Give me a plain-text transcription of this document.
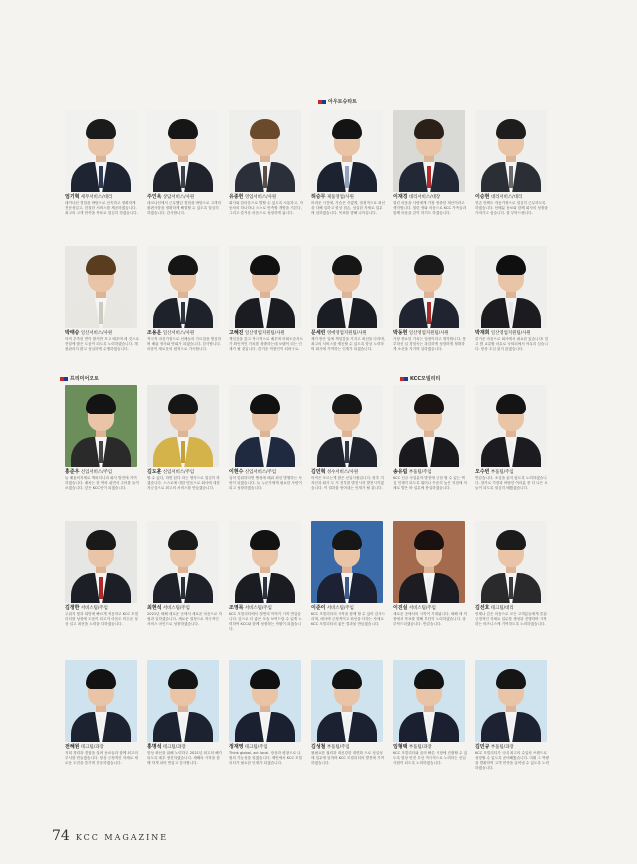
아우토슈타트
프리미어오토	KCC모빌리티
엄기혁 세무서비스/대리
데이나선 경험을 바탕으로 신속하고 정확하게 전문성입고, 친절한 서비스를 제공하겠습니다. 최고의 고객 만족을 목표로 열심히 하겠습니다.
주인욱 상담서비스/사원
데코나선에서 근무했던 경험을 바탕으로 고객의 불편사항을 정확하게 해결할 수 있도록 열심히 하겠습니다. 감사합니다.
유종헌 영업서비스/사원
회사와 한마음으로 발할 수 있도록 소통하고, 자동차의 하나하나 스스로 만족할 개방을 기본다, 그리고 즐거운 마음으로 성장하게 됩니다.
허승무 제품영업/사원
어려운 시간에, 가슴은 죽겠게, 열정적으로 최선을 다해 일하고 항상 겸손, 성실한 자세로 업무에 임하겠습니다. 목표를 향해 나아갑니다.
이재경 대리서비스/대장
열린 마음을 사랑에게 가장 귀중한 재산이라고 생각합니다. 열린 귀와 마음으로 KCC 가족들과 함께 마음을 같이 하기도 하겠습니다.
이승현 대리서비스/대리
현존 언택트 자동가정으로 열심히 근무하도록 하겠습니다. 선배분 동료와 함께 회사의 성장을 가져가고 싶습니다. 잘 부탁드립니다.
박태승 일산서비스/사원
아직 부족한 면이 많지만 모고 배우며 새 것으로 전달에 많은 도움이 되도록 노력하겠습니다. 계품관리지 많고 성실하게 수행하겠습니다.
조용운 일산서비스/사원
적극적 마음가짐으로 선배들의 가르침을 명심하며 배워 귀사와 만회가 되겠습니다. 감사합니다. 마음이 새로운의 원칙으로 가득합니다.
고혜진 일산영업지원팀/사원
책임감을 갖고 적극적으로 배우며 어떠도순서도가 확인적인 가치를 창출하는데 보탬이 되는 인재가 될 것입니다. 즐거운 직장인이 되려구요.
문세린 영에영업지원팀/사원
제가 받은 일에 책임감을 가지고 최선을 다하며, 최고의 서비스를 제공할 수 있도록 항상 노력하며 회사에 기여하는 인재가 되겠습니다.
박동현 일산영업지원팀/사원
가장 중요한 가치는 열정이라고 생각합니다. 풍부하신 일 경험속는 과감하게 성장하게 정확하게 소신을 지키며 일하겠습니다.
박재희 일산영업지원팀/사원
즐거운 마음으로 회사에서 필요한 있습니다! 밀고 밤 교류할 마무로 숙퇴되에서 아무리 심습니다. 항상 초심 잃지 않겠습니다.
홍준우 신입서비스/주임
늘 배움의지세로 책외더니라 회사 발전에 기여하겠습니다. 매처는 한 박차 쉬면서 주어를 들이보겠습니다. 앞은 KCC인이 되겠습니다.
김도훈 신입서비스/주임
할 수 있다, 하면 된다 라는 생각으로 열심히 하겠습니다. 스스로에 대한 믿음으로 회사에 대한 자긍심으로 최고의 서비스를 만들겠습니다.
이현수 신입서비스/주임
입어 맞취하다면 엔성에 배워 최선 발행하는 사람이 되겠습니다. 늘 누군가에게 필요한 사람이 되고 성장하겠습니다.
김민혁 성수서비스/사원
아직은 모르는게 많은 신입사원입니다. 항후 지 자신과 회사 두 지 전부를 발전시켜 발전시키겠습니다. 이 결과물 얻어내는 인재가 될 겁니다.
송유림 부품팀/주임
KCC 신규 사업분야 발전에 긍한 할 수 있는 핵심 인재가 되도록 뛰어나 꾸준히 높은 지점에 자세로 발은 바 업무에 충실하겠습니다.
오수빈 부품팀/주임
반갑습니다. 조심을 잃지 않도록 노력하겠습니다. 참가로 가장과 바탕한 여러분 중 더 나은 오늘이 되도록 열심히 배웠겠습니다.
김정한 서비스팀/주임
주위지 빛과 희망에 빠르게 적응하고 KCC 모빌리티를 성장에 도움이 되고자 마음도 어두운 상상 일고 최선을 노력을 다하겠습니다.
최현석 서비스팀/주임
2021년 새해 새로운 곳에서 새로운 마음으로 자립과 일하겠습니다. 새로운 열정으로 적극적인 서비스 마인드로 성장하겠습니다.
조영목 서비스팀/주임
KCC 모빌리티에서 첫번의 이야기 시작 반갑습니다. 앞으로 더 좋은 모습 보여드릴 수 있게 노력하여 KCC와 함께 성장하는 직원이 되겠습니다.
이준이 서비스팀/주임
KCC 모빌리티의 시작을 함께 할 수 있어 감사드리며, 매사에 긍정적이고 최선을 다하는 자세로 KCC 모빌리티의 좋은 결과물 만들겠습니다.
이진실 서비스팀/주임
새로운 곳에서의 시작이 기대됩니다. 새해 새 직장에서 목표를 향해 부단히 노력하겠습니다. 잘 부탁드리겠습니다. 반갑습니다.
김선호 테크팀/대리
언제나 감은 마음으로 모든 고객분들에게 즐겁 긍정적인 자세로 업무를 생성된 진행하며 시작하는 비즈니스에 기여하도록 노력하겠습니다.
전혜원 테크팀/과장
저희 경력과 경험을 살려 동료들과 함께 최고의 부서를 만들겠습니다. 항상 긍정적인 자세로 새로운 도전을 즐기며 부응하겠습니다.
홍명석 테크팀/과장
항상 최선을 위해 노력하고 2021년 최고의 해가 되도록 매우 정진하겠습니다. 새해의 시작을 함께 하게 되어 반갑고 감사합니다.
정재영 테크팀/주임
Think global, act local. 장상과 평창으로 나원의 가능성을 열겠습니다. 제안에서 KCC 모빌리티가 필요한 인재가 되겠습니다.
김성철 부품팀/주임
불필요한 권력과 대신강한 대면화 으로 성실성에 업무에 임하며 KCC 모빌리티의 발전에 기여하겠습니다.
임형택 부품팀/과장
KCC 모빌리티와 꿈의 빠른 시장에 진출할 수 있도록 항상 안전 우선 적극적으로 노력하는 신입사원이 되도록 노력하겠습니다.
김민규 부품팀/과장
KCC 모빌리티가 국내 최고의 수입차 브랜드로 성장할 수 있도록 준비해왔습니다. 미래 그 역량을 발휘하여 고객 만족을 끌어낼 수 있도록 노력하겠습니다.
74 KCC MAGAZINE
